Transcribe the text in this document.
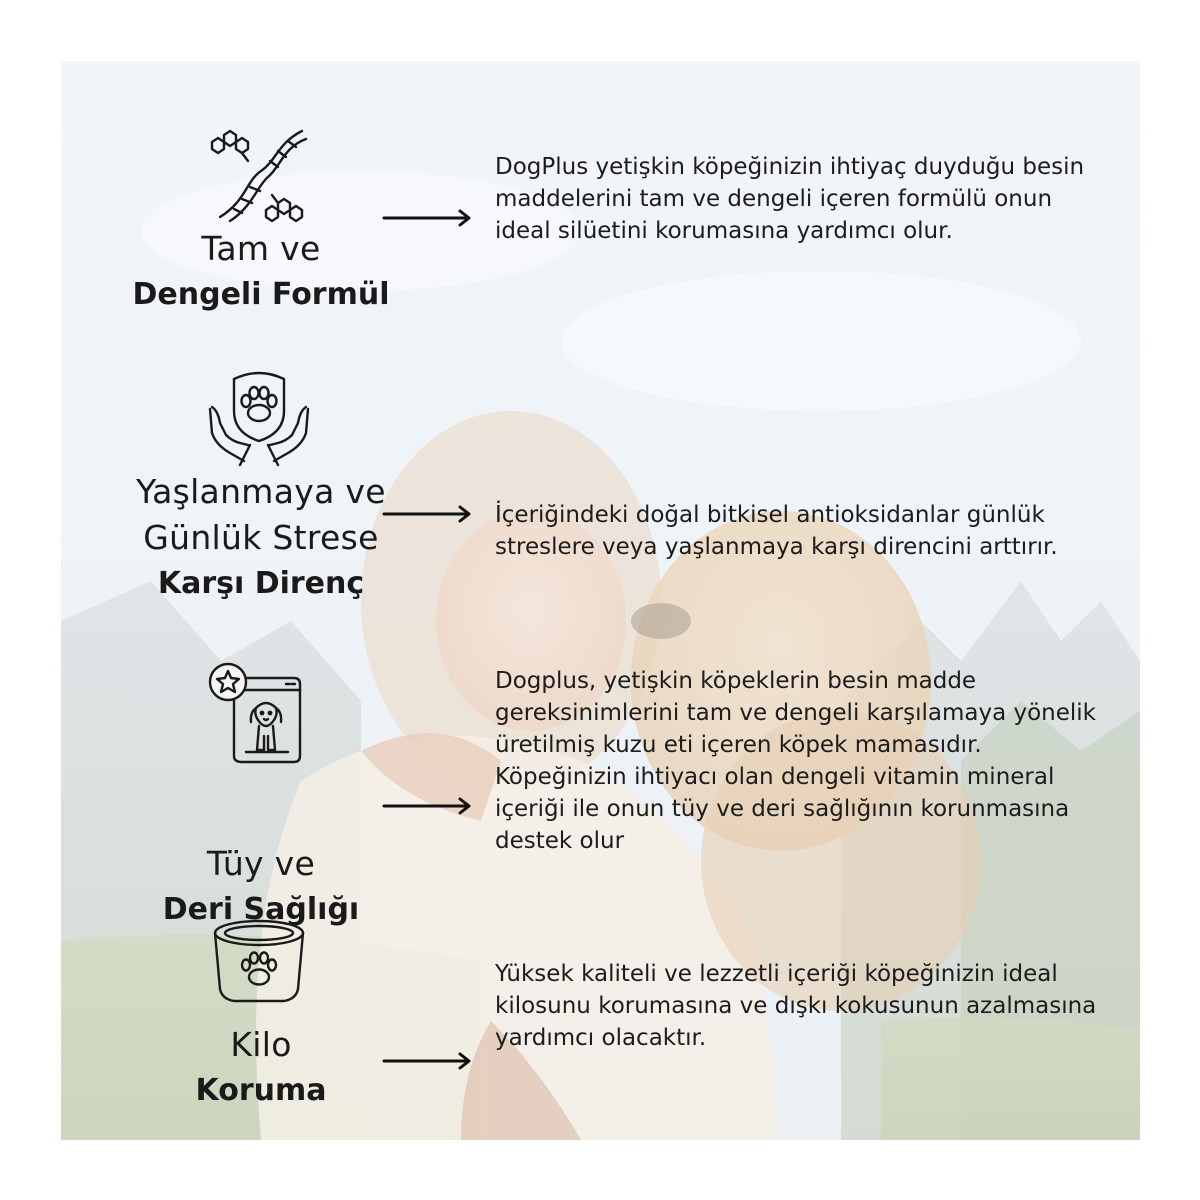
Tam ve
Dengeli Formül
DogPlus yetişkin köpeğinizin ihtiyaç duyduğu besin maddelerini tam ve dengeli içeren formülü onun ideal silüetini korumasına yardımcı olur.
Yaşlanmaya ve Günlük Strese
Karşı Direnç
İçeriğindeki doğal bitkisel antioksidanlar günlük streslere veya yaşlanmaya karşı direncini arttırır.
Tüy ve
Deri Sağlığı
Dogplus, yetişkin köpeklerin besin madde gereksinimlerini tam ve dengeli karşılamaya yönelik üretilmiş kuzu eti içeren köpek mamasıdır. Köpeğinizin ihtiyacı olan dengeli vitamin mineral içeriği ile onun tüy ve deri sağlığının korunmasına destek olur
Kilo
Koruma
Yüksek kaliteli ve lezzetli içeriği köpeğinizin ideal kilosunu korumasına ve dışkı kokusunun azalmasına yardımcı olacaktır.
